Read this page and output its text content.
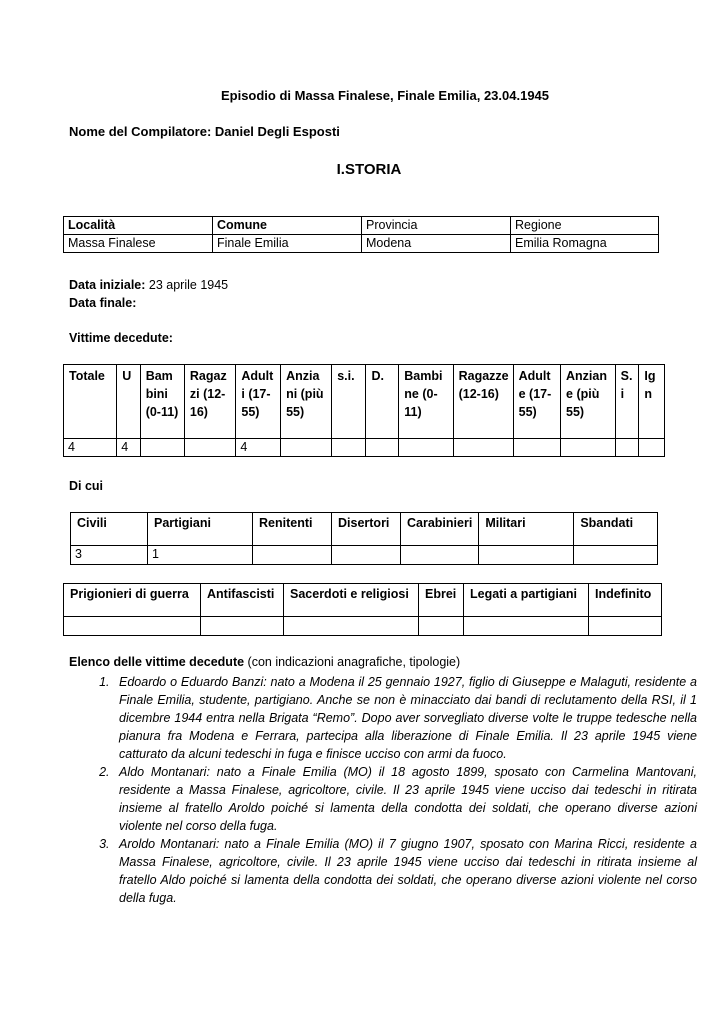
Episodio di Massa Finalese, Finale Emilia, 23.04.1945
Nome del Compilatore: Daniel Degli Esposti
I.STORIA
Località	Comune	Provincia	Regione
Massa Finalese	Finale Emilia	Modena	Emilia Romagna
Data iniziale: 23 aprile 1945
Data finale:
Vittime decedute:
Totale	U	Bam bini (0-11)	Ragaz zi (12-16)	Adult i (17-55)	Anzia ni (più 55)	s.i.	D.	Bambi ne (0-11)	Ragazze (12-16)	Adult e (17-55)	Anzian e (più 55)	S. i	Ig n
4	4			4									
Di cui
Civili	Partigiani	Renitenti	Disertori	Carabinieri	Militari	Sbandati
3	1					
Prigionieri di guerra	Antifascisti	Sacerdoti e religiosi	Ebrei	Legati a partigiani	Indefinito

Elenco delle vittime decedute (con indicazioni anagrafiche, tipologie)
1. Edoardo o Eduardo Banzi: nato a Modena il 25 gennaio 1927, figlio di Giuseppe e Malaguti, residente a Finale Emilia, studente, partigiano. Anche se non è minacciato dai bandi di reclutamento della RSI, il 1 dicembre 1944 entra nella Brigata “Remo”. Dopo aver sorvegliato diverse volte le truppe tedesche nella pianura fra Modena e Ferrara, partecipa alla liberazione di Finale Emilia. Il 23 aprile 1945 viene catturato da alcuni tedeschi in fuga e finisce ucciso con armi da fuoco.
2. Aldo Montanari: nato a Finale Emilia (MO) il 18 agosto 1899, sposato con Carmelina Mantovani, residente a Massa Finalese, agricoltore, civile. Il 23 aprile 1945 viene ucciso dai tedeschi in ritirata insieme al fratello Aroldo poiché si lamenta della condotta dei soldati, che operano diverse azioni violente nel corso della fuga.
3. Aroldo Montanari: nato a Finale Emilia (MO) il 7 giugno 1907, sposato con Marina Ricci, residente a Massa Finalese, agricoltore, civile. Il 23 aprile 1945 viene ucciso dai tedeschi in ritirata insieme al fratello Aldo poiché si lamenta della condotta dei soldati, che operano diverse azioni violente nel corso della fuga.
